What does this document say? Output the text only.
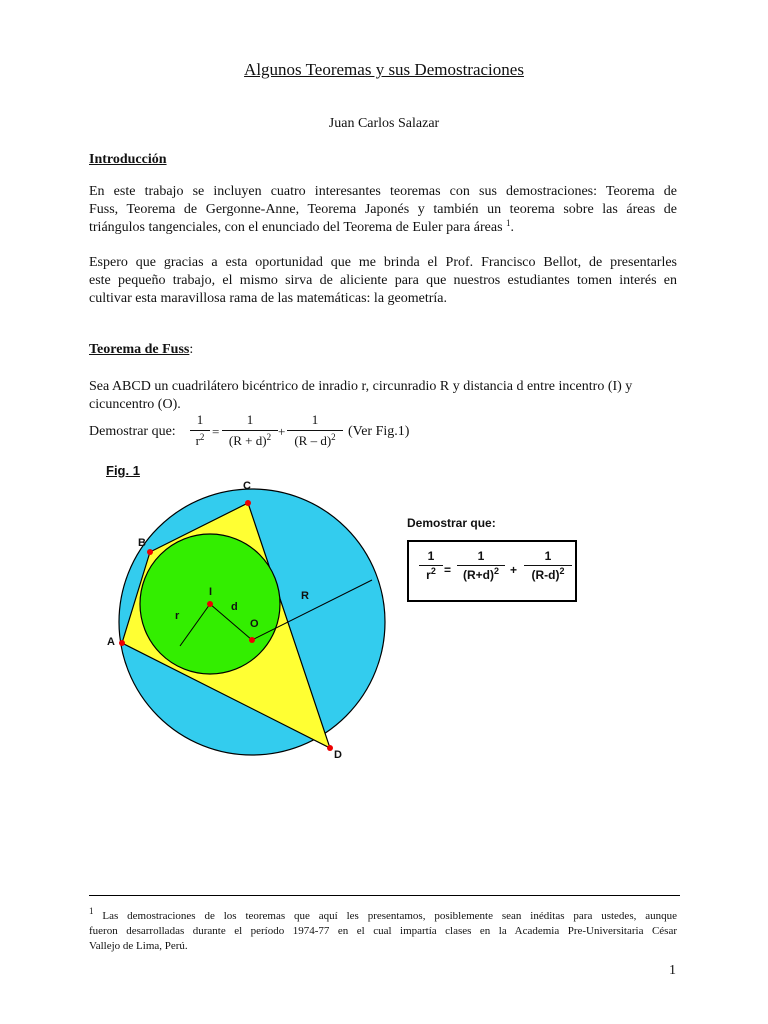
Algunos Teoremas y sus Demostraciones
Juan Carlos Salazar
Introducción
En este trabajo se incluyen cuatro interesantes teoremas con sus demostraciones: Teorema de
Fuss, Teorema de Gergonne-Anne, Teorema Japonés y también un teorema sobre las áreas de
triángulos tangenciales, con el enunciado del Teorema de Euler para áreas $^1$.
Espero que gracias a esta oportunidad que me brinda el Prof. Francisco Bellot, de presentarles
este pequeño trabajo, el mismo sirva de aliciente para que nuestros estudiantes tomen interés en
cultivar esta maravillosa rama de las matemáticas: la geometría.
Teorema de Fuss:
Sea ABCD un cuadrilátero bicéntrico de inradio r, circunradio R y distancia d entre incentro (I) y
cicuncentro (O).
Demostrar que: $\frac{1}{r^2} = \frac{1}{(R + d)^2} + \frac{1}{(R - d)^2} (Ver$ Fig.1)
Fig. 1
C
B
A
D
I
O
r
d
R
Demostrar que:
$\frac{1}{r^2} = \frac{1}{(R+d)^2} + \frac{1}{(R-d)^2}$
$^1$ Las demostraciones de los teoremas que aquí les presentamos, posiblemente sean inéditas para ustedes, aunque
fueron desarrolladas durante el período 1974-77 en el cual impartía clases en la Academia Pre-Universitaria César
Vallejo de Lima, Perú.
1
